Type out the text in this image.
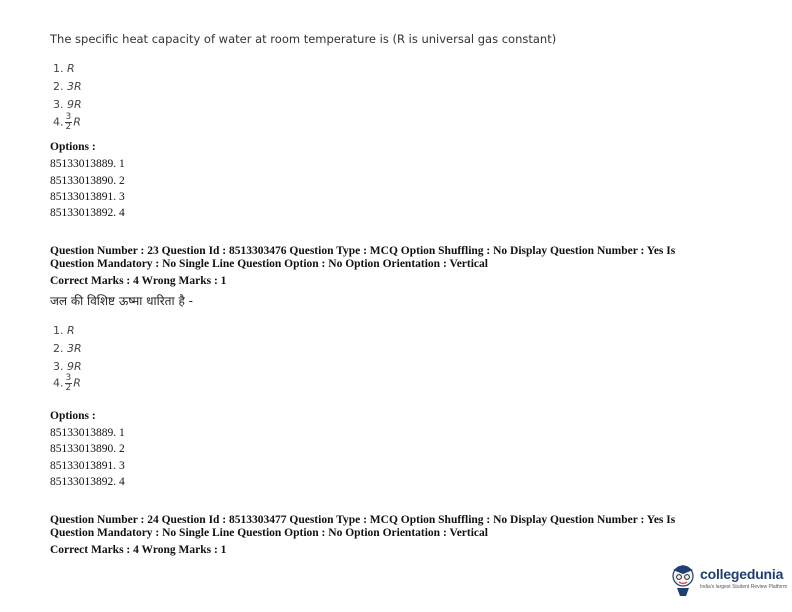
The specific heat capacity of water at room temperature is (R is universal gas constant)
1. R
2. 3R
3. 9R
4. $\frac{3}{2}$ R
Options :
85133013889. 1
85133013890. 2
85133013891. 3
85133013892. 4
Question Number : 23 Question Id : 8513303476 Question Type : MCQ Option Shuffling : No Display Question Number : Yes Is
Question Mandatory : No Single Line Question Option : No Option Orientation : Vertical
Correct Marks : 4 Wrong Marks : 1
जल की विशिष्ट ऊष्मा धारिता है -
1. R
2. 3R
3. 9R
4. $\frac{3}{2}$ R
Options :
85133013889. 1
85133013890. 2
85133013891. 3
85133013892. 4
Question Number : 24 Question Id : 8513303477 Question Type : MCQ Option Shuffling : No Display Question Number : Yes Is
Question Mandatory : No Single Line Question Option : No Option Orientation : Vertical
Correct Marks : 4 Wrong Marks : 1
collegedunia
India's largest Student Review Platform
